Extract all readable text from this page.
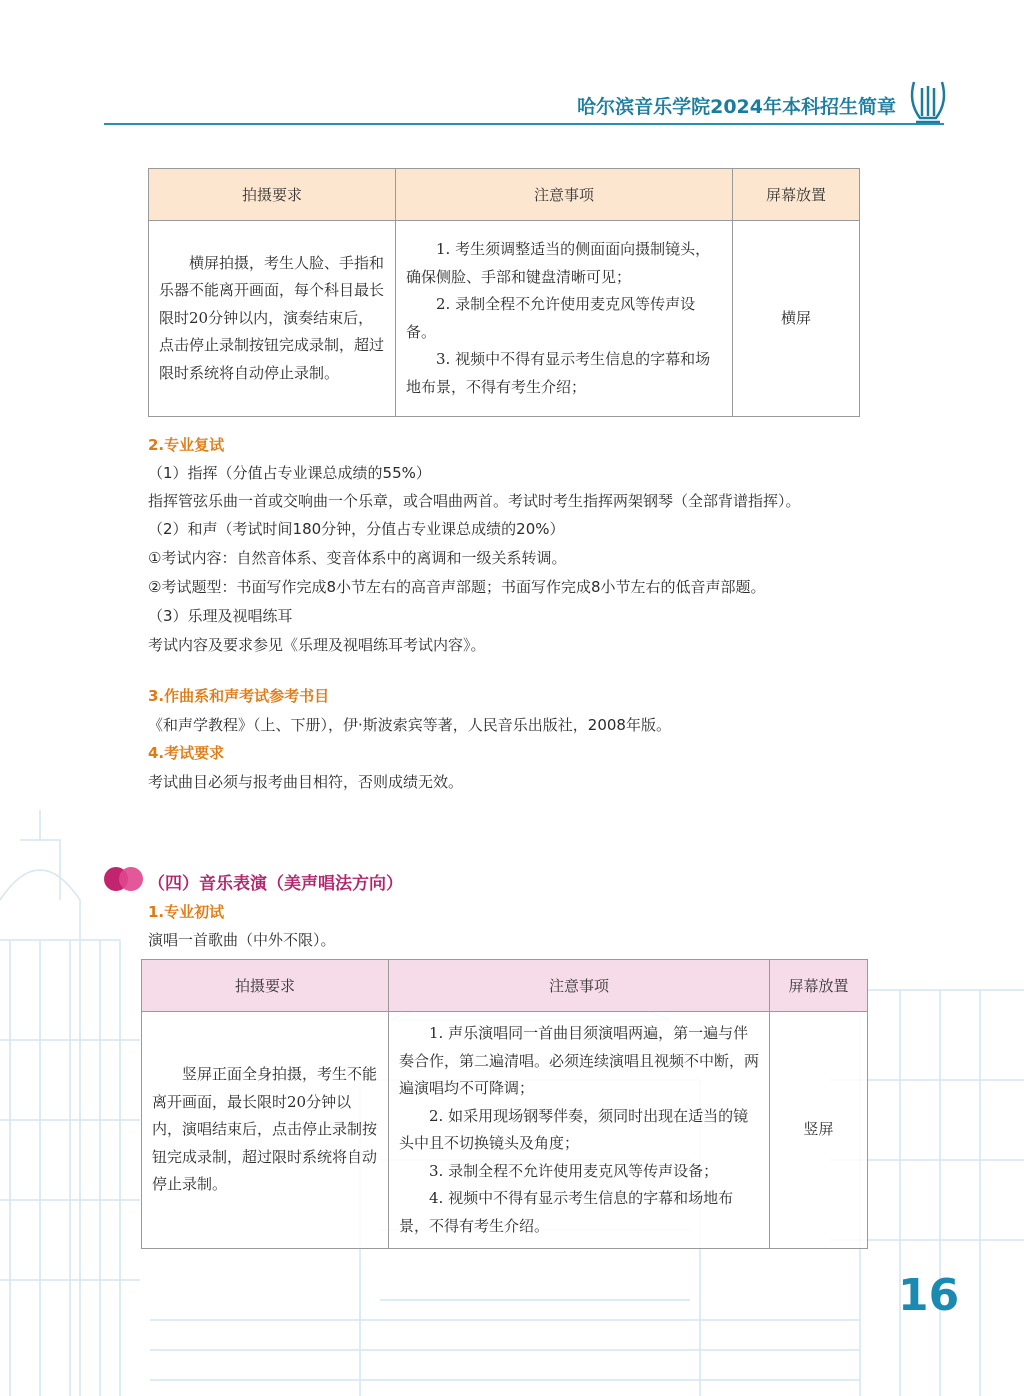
哈尔滨音乐学院2024年本科招生简章
拍摄要求	注意事项	屏幕放置
横屏拍摄，考生人脸、手指和乐器不能离开画面，每个科目最长限时20分钟以内，演奏结束后，点击停止录制按钮完成录制，超过限时系统将自动停止录制。	1. 考生须调整适当的侧面面向摄制镜头，确保侧脸、手部和键盘清晰可见；
2. 录制全程不允许使用麦克风等传声设备。
3. 视频中不得有显示考生信息的字幕和场地布景，不得有考生介绍；	横屏
2.专业复试
（1）指挥（分值占专业课总成绩的55%）
指挥管弦乐曲一首或交响曲一个乐章，或合唱曲两首。考试时考生指挥两架钢琴（全部背谱指挥）。
（2）和声（考试时间180分钟，分值占专业课总成绩的20%）
①考试内容：自然音体系、变音体系中的离调和一级关系转调。
②考试题型：书面写作完成8小节左右的高音声部题；书面写作完成8小节左右的低音声部题。
（3）乐理及视唱练耳
考试内容及要求参见《乐理及视唱练耳考试内容》。
3.作曲系和声考试参考书目
《和声学教程》（上、下册），伊·斯波索宾等著，人民音乐出版社，2008年版。
4.考试要求
考试曲目必须与报考曲目相符，否则成绩无效。
（四）音乐表演（美声唱法方向）
1.专业初试
演唱一首歌曲（中外不限）。
拍摄要求	注意事项	屏幕放置
竖屏正面全身拍摄，考生不能离开画面，最长限时20分钟以内，演唱结束后，点击停止录制按钮完成录制，超过限时系统将自动停止录制。	1. 声乐演唱同一首曲目须演唱两遍，第一遍与伴奏合作，第二遍清唱。必须连续演唱且视频不中断，两遍演唱均不可降调；
2. 如采用现场钢琴伴奏，须同时出现在适当的镜头中且不切换镜头及角度；
3. 录制全程不允许使用麦克风等传声设备；
4. 视频中不得有显示考生信息的字幕和场地布景，不得有考生介绍。	竖屏
16
